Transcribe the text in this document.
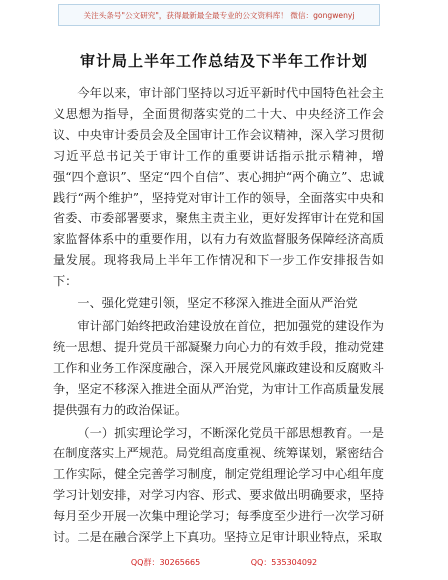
关注头条号"公文研究"，获得最新最全最专业的公文资料库！ 微信：gongwenyj
审计局上半年工作总结及下半年工作计划

今年以来，审计部门坚持以习近平新时代中国特色社会主义思想为指导，全面贯彻落实党的二十大、中央经济工作会议、中央审计委员会及全国审计工作会议精神，深入学习贯彻习近平总书记关于审计工作的重要讲话指示批示精神，增强“四个意识”、坚定“四个自信”、衷心拥护“两个确立”、忠诚践行“两个维护”，坚持党对审计工作的领导，全面落实中央和省委、市委部署要求，聚焦主责主业，更好发挥审计在党和国家监督体系中的重要作用，以有力有效监督服务保障经济高质量发展。现将我局上半年工作情况和下一步工作安排报告如下：

一、强化党建引领，坚定不移深入推进全面从严治党

审计部门始终把政治建设放在首位，把加强党的建设作为统一思想、提升党员干部凝聚力向心力的有效手段，推动党建工作和业务工作深度融合，深入开展党风廉政建设和反腐败斗争，坚定不移深入推进全面从严治党，为审计工作高质量发展提供强有力的政治保证。

（一）抓实理论学习，不断深化党员干部思想教育。一是在制度落实上严规范。局党组高度重视、统筹谋划，紧密结合工作实际，健全完善学习制度，制定党组理论学习中心组年度学习计划安排，对学习内容、形式、要求做出明确要求，坚持每月至少开展一次集中理论学习；每季度至少进行一次学习研讨。二是在融合深学上下真功。坚持立足审计职业特点，采取

QQ群：30265665	QQ：535304092
